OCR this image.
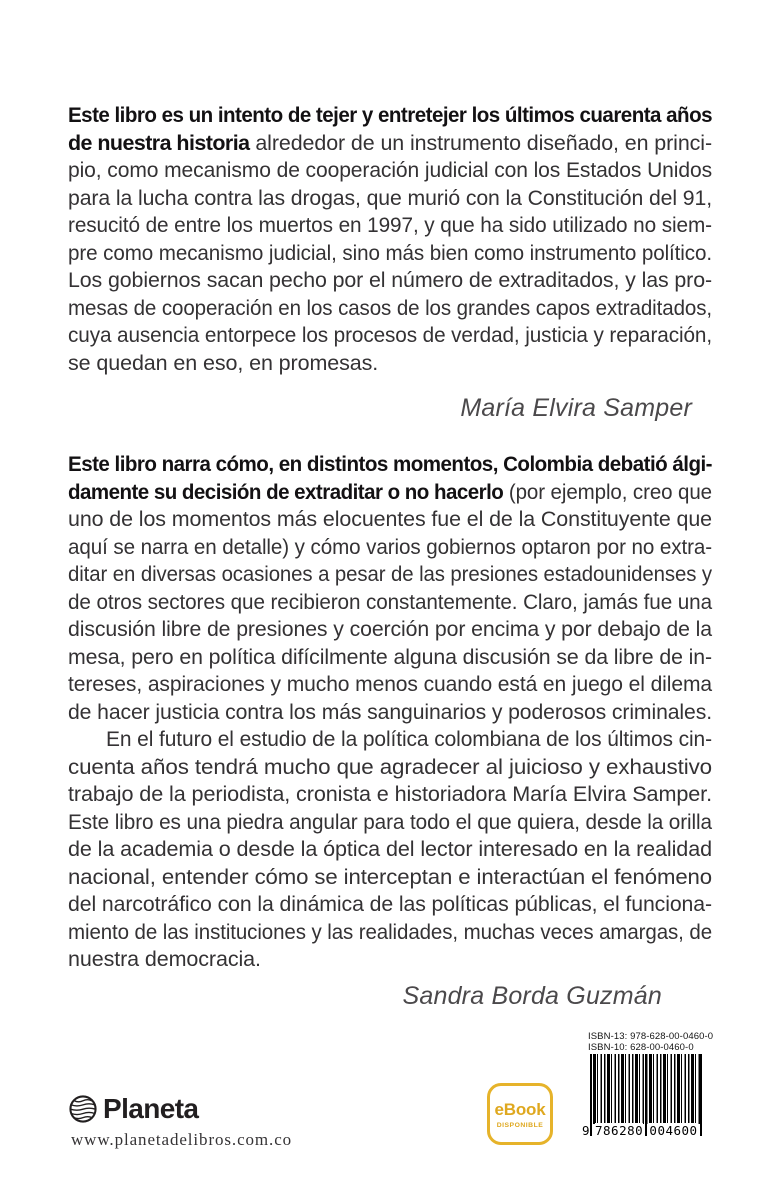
Este libro es un intento de tejer y entretejer los últimos cuarenta años
de nuestra historia alrededor de un instrumento diseñado, en princi-
pio, como mecanismo de cooperación judicial con los Estados Unidos
para la lucha contra las drogas, que murió con la Constitución del 91,
resucitó de entre los muertos en 1997, y que ha sido utilizado no siem-
pre como mecanismo judicial, sino más bien como instrumento político.
Los gobiernos sacan pecho por el número de extraditados, y las pro-
mesas de cooperación en los casos de los grandes capos extraditados,
cuya ausencia entorpece los procesos de verdad, justicia y reparación,
se quedan en eso, en promesas.
María Elvira Samper
Este libro narra cómo, en distintos momentos, Colombia debatió álgi-
damente su decisión de extraditar o no hacerlo (por ejemplo, creo que
uno de los momentos más elocuentes fue el de la Constituyente que
aquí se narra en detalle) y cómo varios gobiernos optaron por no extra-
ditar en diversas ocasiones a pesar de las presiones estadounidenses y
de otros sectores que recibieron constantemente. Claro, jamás fue una
discusión libre de presiones y coerción por encima y por debajo de la
mesa, pero en política difícilmente alguna discusión se da libre de in-
tereses, aspiraciones y mucho menos cuando está en juego el dilema
de hacer justicia contra los más sanguinarios y poderosos criminales.
En el futuro el estudio de la política colombiana de los últimos cin-
cuenta años tendrá mucho que agradecer al juicioso y exhaustivo
trabajo de la periodista, cronista e historiadora María Elvira Samper.
Este libro es una piedra angular para todo el que quiera, desde la orilla
de la academia o desde la óptica del lector interesado en la realidad
nacional, entender cómo se interceptan e interactúan el fenómeno
del narcotráfico con la dinámica de las políticas públicas, el funciona-
miento de las instituciones y las realidades, muchas veces amargas, de
nuestra democracia.
Sandra Borda Guzmán
Planeta
www.planetadelibros.com.co
eBook
DISPONIBLE
ISBN-13: 978-628-00-0460-0
ISBN-10: 628-00-0460-0
9 786280 004600
